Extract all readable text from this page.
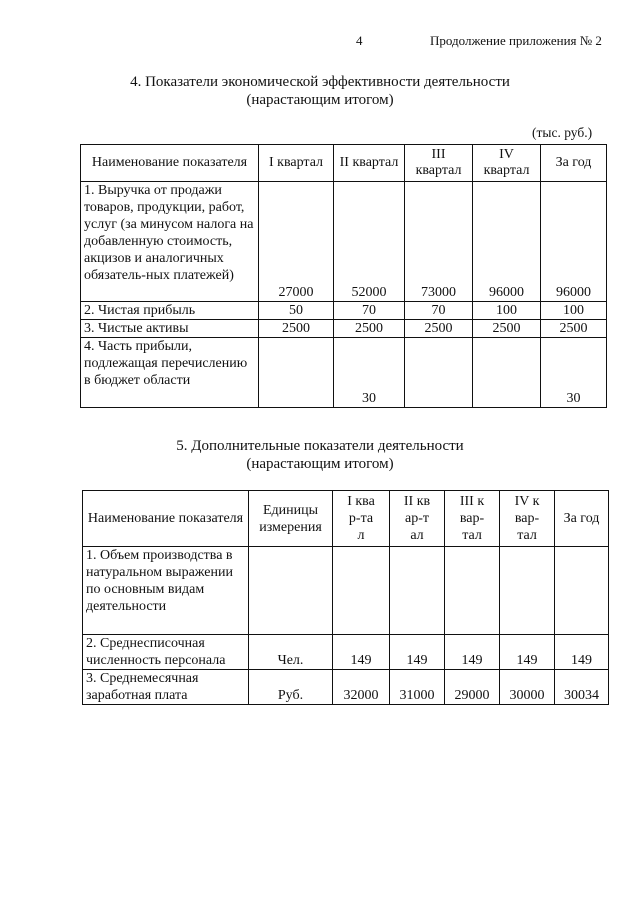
4	Продолжение приложения № 2
4. Показатели экономической эффективности деятельности
(нарастающим итогом)
(тыс. руб.)
Наименование показателя	I квартал	II квартал	III квартал	IV квартал	За год
1. Выручка от продажи товаров, продукции, работ, услуг (за минусом налога на добавленную стоимость, акцизов и аналогичных обязатель-ных платежей)	27000	52000	73000	96000	96000
2. Чистая прибыль	50	70	70	100	100
3. Чистые активы	2500	2500	2500	2500	2500
4. Часть прибыли, подлежащая перечислению в бюджет области		30			30
5. Дополнительные показатели деятельности
(нарастающим итогом)
Наименование показателя	Единицы измерения	I квар-тал	II квар-тал	III квар-тал	IV квар-тал	За год
1. Объем производства в натуральном выражении по основным видам деятельности						
2. Среднесписочная численность персонала	Чел.	149	149	149	149	149
3. Среднемесячная заработная плата	Руб.	32000	31000	29000	30000	30034
